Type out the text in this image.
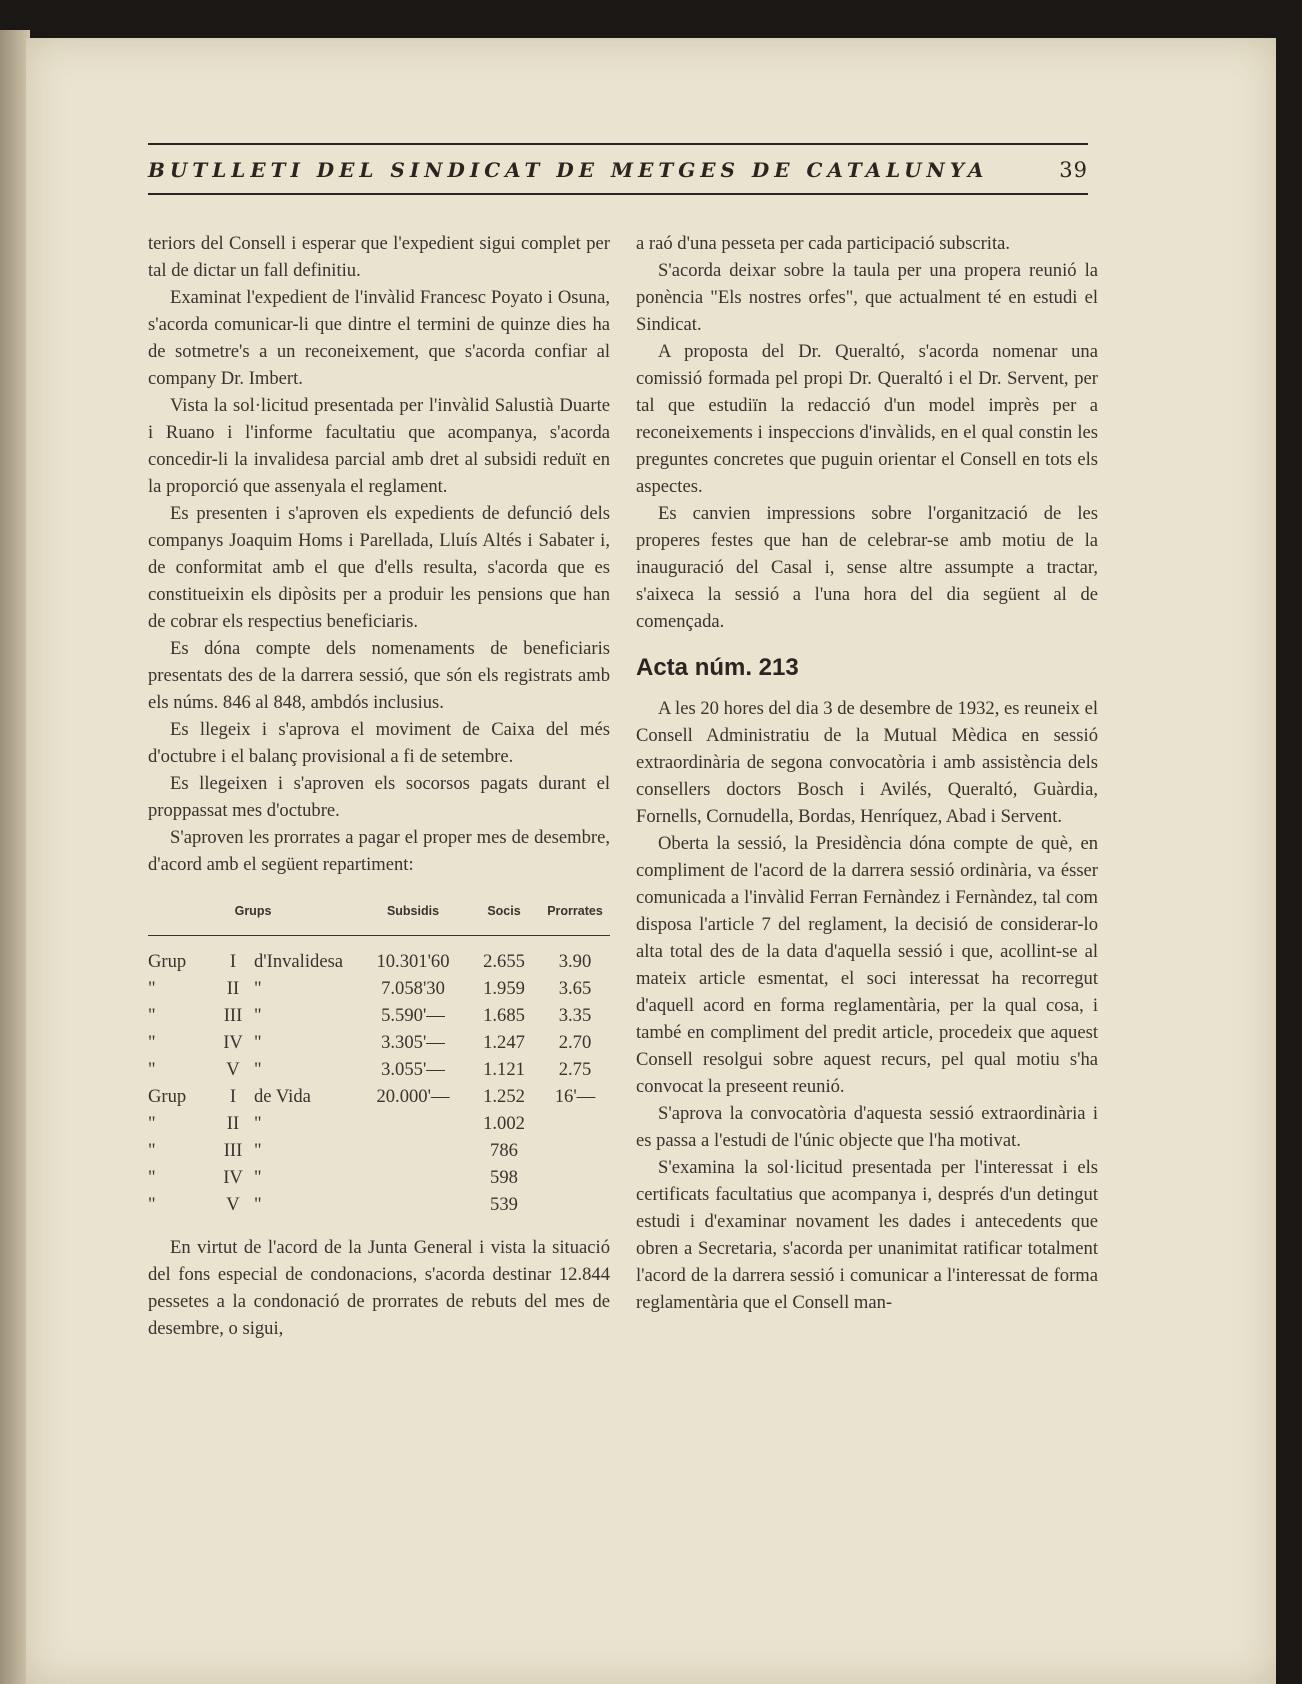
BUTLLETI DEL SINDICAT DE METGES DE CATALUNYA	39

teriors del Consell i esperar que l'expedient sigui complet per tal de dictar un fall definitiu.

Examinat l'expedient de l'invàlid Francesc Poyato i Osuna, s'acorda comunicar-li que dintre el termini de quinze dies ha de sotmetre's a un reconeixement, que s'acorda confiar al company Dr. Imbert.

Vista la sol·licitud presentada per l'invàlid Salustià Duarte i Ruano i l'informe facultatiu que acompanya, s'acorda concedir-li la invalidesa parcial amb dret al subsidi reduït en la proporció que assenyala el reglament.

Es presenten i s'aproven els expedients de defunció dels companys Joaquim Homs i Parellada, Lluís Altés i Sabater i, de conformitat amb el que d'ells resulta, s'acorda que es constitueixin els dipòsits per a produir les pensions que han de cobrar els respectius beneficiaris.

Es dóna compte dels nomenaments de beneficiaris presentats des de la darrera sessió, que són els registrats amb els núms. 846 al 848, ambdós inclusius.

Es llegeix i s'aprova el moviment de Caixa del més d'octubre i el balanç provisional a fi de setembre.

Es llegeixen i s'aproven els socorsos pagats durant el proppassat mes d'octubre.

S'aproven les prorrates a pagar el proper mes de desembre, d'acord amb el següent repartiment:

Grups			Subsidis	Socis	Prorrates
Grup	I	d'Invalidesa	10.301'60	2.655	3.90
"	II	"	7.058'30	1.959	3.65
"	III	"	5.590'—	1.685	3.35
"	IV	"	3.305'—	1.247	2.70
"	V	"	3.055'—	1.121	2.75
Grup	I	de Vida	20.000'—	1.252	16'—
"	II	"		1.002	
"	III	"		786	
"	IV	"		598	
"	V	"		539	

En virtut de l'acord de la Junta General i vista la situació del fons especial de condonacions, s'acorda destinar 12.844 pessetes a la condonació de prorrates de rebuts del mes de desembre, o sigui,

a raó d'una pesseta per cada participació subscrita.

S'acorda deixar sobre la taula per una propera reunió la ponència "Els nostres orfes", que actualment té en estudi el Sindicat.

A proposta del Dr. Queraltó, s'acorda nomenar una comissió formada pel propi Dr. Queraltó i el Dr. Servent, per tal que estudiïn la redacció d'un model imprès per a reconeixements i inspeccions d'invàlids, en el qual constin les preguntes concretes que puguin orientar el Consell en tots els aspectes.

Es canvien impressions sobre l'organització de les properes festes que han de celebrar-se amb motiu de la inauguració del Casal i, sense altre assumpte a tractar, s'aixeca la sessió a l'una hora del dia següent al de començada.

Acta núm. 213

A les 20 hores del dia 3 de desembre de 1932, es reuneix el Consell Administratiu de la Mutual Mèdica en sessió extraordinària de segona convocatòria i amb assistència dels consellers doctors Bosch i Avilés, Queraltó, Guàrdia, Fornells, Cornudella, Bordas, Henríquez, Abad i Servent.

Oberta la sessió, la Presidència dóna compte de què, en compliment de l'acord de la darrera sessió ordinària, va ésser comunicada a l'invàlid Ferran Fernàndez i Fernàndez, tal com disposa l'article 7 del reglament, la decisió de considerar-lo alta total des de la data d'aquella sessió i que, acollint-se al mateix article esmentat, el soci interessat ha recorregut d'aquell acord en forma reglamentària, per la qual cosa, i també en compliment del predit article, procedeix que aquest Consell resolgui sobre aquest recurs, pel qual motiu s'ha convocat la preseent reunió.

S'aprova la convocatòria d'aquesta sessió extraordinària i es passa a l'estudi de l'únic objecte que l'ha motivat.

S'examina la sol·licitud presentada per l'interessat i els certificats facultatius que acompanya i, després d'un detingut estudi i d'examinar novament les dades i antecedents que obren a Secretaria, s'acorda per unanimitat ratificar totalment l'acord de la darrera sessió i comunicar a l'interessat de forma reglamentària que el Consell man-
